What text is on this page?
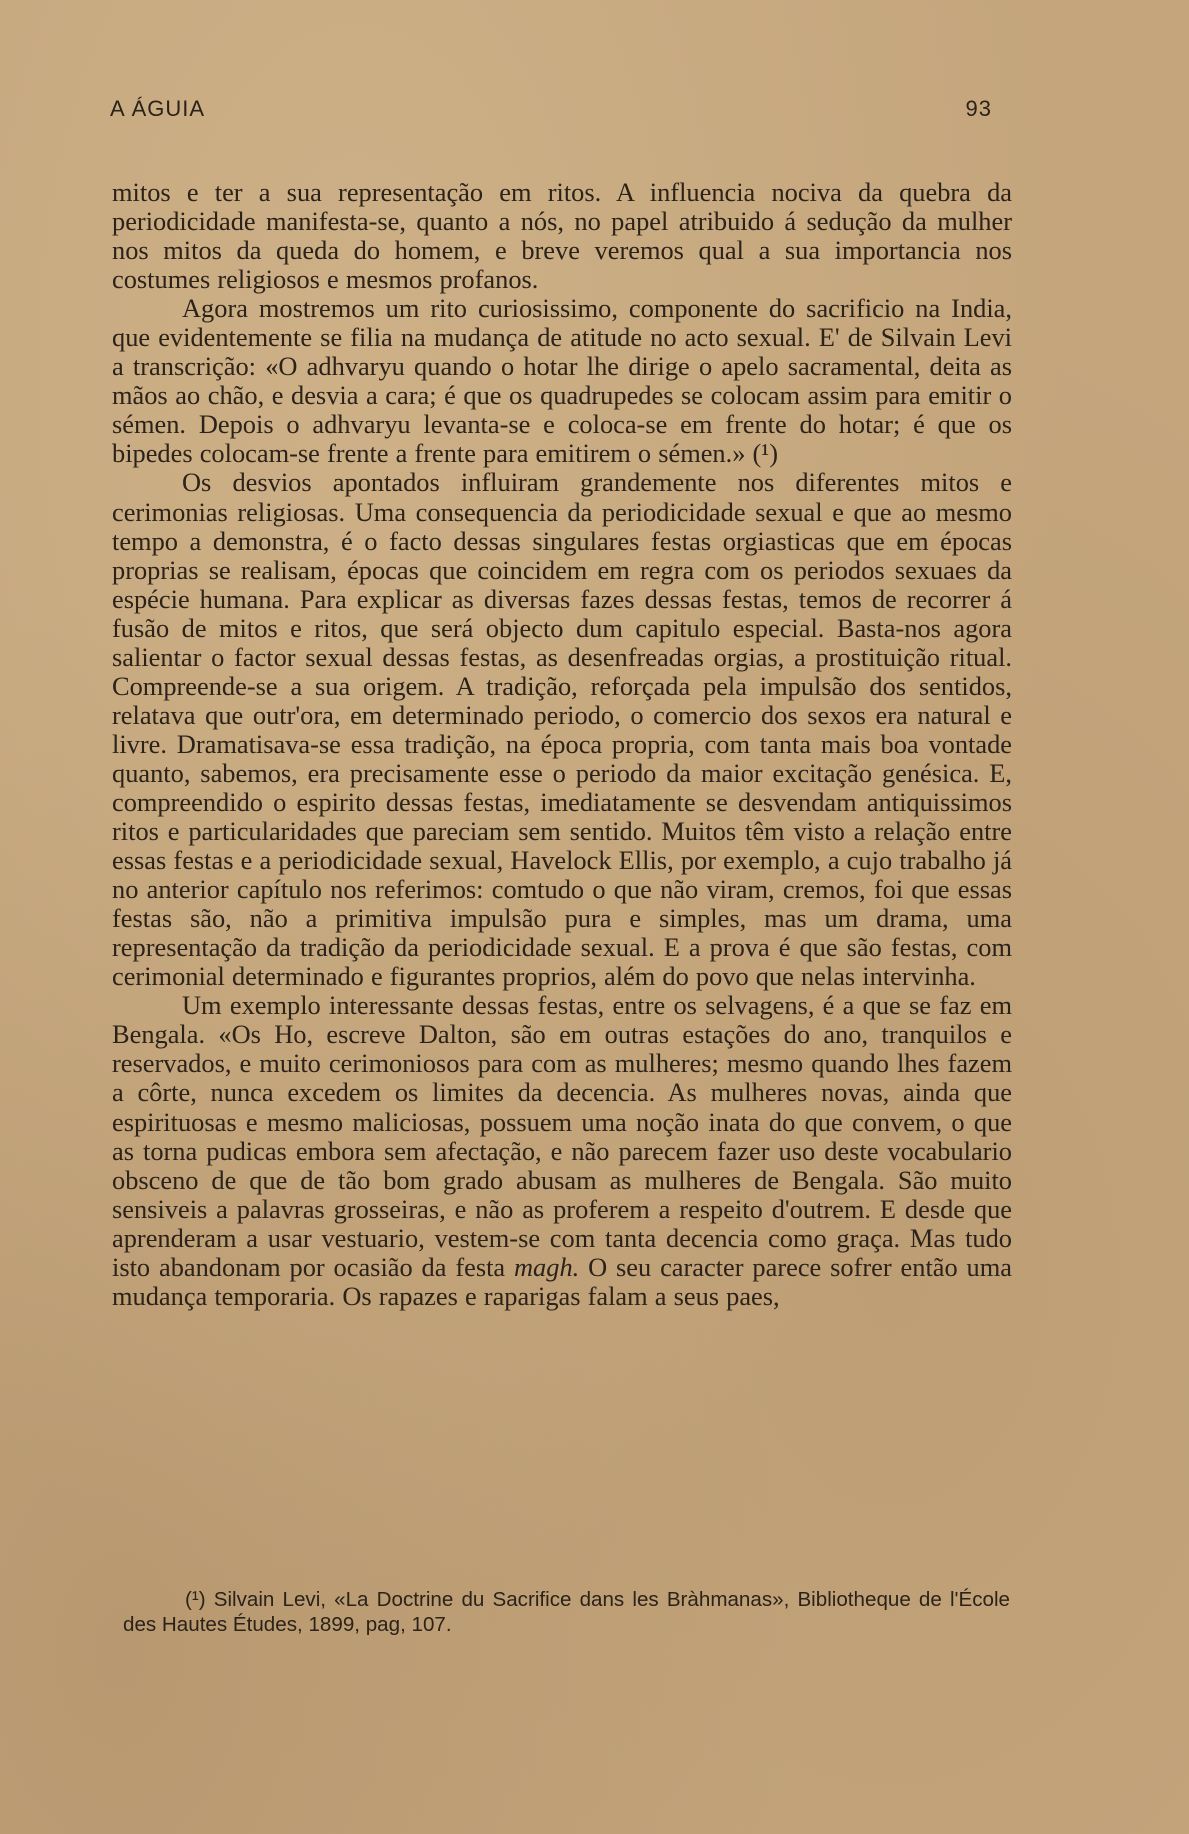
A ÁGUIA	93

mitos e ter a sua representação em ritos. A influencia nociva da quebra da periodicidade manifesta-se, quanto a nós, no papel atribuido á sedução da mulher nos mitos da queda do homem, e breve veremos qual a sua importancia nos costumes religiosos e mesmos profanos.

Agora mostremos um rito curiosissimo, componente do sacrificio na India, que evidentemente se filia na mudança de atitude no acto sexual. E' de Silvain Levi a transcrição: «O adhvaryu quando o hotar lhe dirige o apelo sacramental, deita as mãos ao chão, e desvia a cara; é que os quadrupedes se colocam assim para emitir o sémen. Depois o adhvaryu levanta-se e coloca-se em frente do hotar; é que os bipedes colocam-se frente a frente para emitirem o sémen.» (¹)

Os desvios apontados influiram grandemente nos diferentes mitos e cerimonias religiosas. Uma consequencia da periodicidade sexual e que ao mesmo tempo a demonstra, é o facto dessas singulares festas orgiasticas que em épocas proprias se realisam, épocas que coincidem em regra com os periodos sexuaes da espécie humana. Para explicar as diversas fazes dessas festas, temos de recorrer á fusão de mitos e ritos, que será objecto dum capitulo especial. Basta-nos agora salientar o factor sexual dessas festas, as desenfreadas orgias, a prostituição ritual. Compreende-se a sua origem. A tradição, reforçada pela impulsão dos sentidos, relatava que outr'ora, em determinado periodo, o comercio dos sexos era natural e livre. Dramatisava-se essa tradição, na época propria, com tanta mais boa vontade quanto, sabemos, era precisamente esse o periodo da maior excitação genésica. E, compreendido o espirito dessas festas, imediatamente se desvendam antiquissimos ritos e particularidades que pareciam sem sentido. Muitos têm visto a relação entre essas festas e a periodicidade sexual, Havelock Ellis, por exemplo, a cujo trabalho já no anterior capítulo nos referimos: comtudo o que não viram, cremos, foi que essas festas são, não a primitiva impulsão pura e simples, mas um drama, uma representação da tradição da periodicidade sexual. E a prova é que são festas, com cerimonial determinado e figurantes proprios, além do povo que nelas intervinha.

Um exemplo interessante dessas festas, entre os selvagens, é a que se faz em Bengala. «Os Ho, escreve Dalton, são em outras estações do ano, tranquilos e reservados, e muito cerimoniosos para com as mulheres; mesmo quando lhes fazem a côrte, nunca excedem os limites da decencia. As mulheres novas, ainda que espirituosas e mesmo maliciosas, possuem uma noção inata do que convem, o que as torna pudicas embora sem afectação, e não parecem fazer uso deste vocabulario obsceno de que de tão bom grado abusam as mulheres de Bengala. São muito sensiveis a palavras grosseiras, e não as proferem a respeito d'outrem. E desde que aprenderam a usar vestuario, vestem-se com tanta decencia como graça. Mas tudo isto abandonam por ocasião da festa magh. O seu caracter parece sofrer então uma mudança temporaria. Os rapazes e raparigas falam a seus paes,

(¹) Silvain Levi, «La Doctrine du Sacrifice dans les Bràhmanas», Bibliotheque de l'École des Hautes Études, 1899, pag, 107.
